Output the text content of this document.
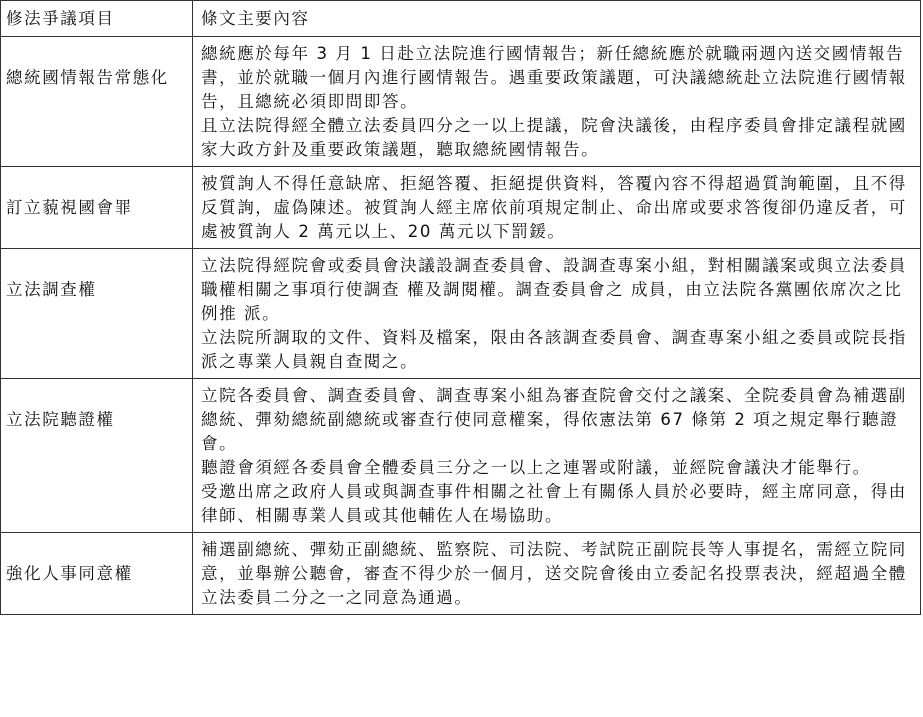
修法爭議項目	條文主要內容
總統國情報告常態化	總統應於每年 3 月 1 日赴立法院進行國情報告；新任總統應於就職兩週內送交國情報告書，並於就職一個月內進行國情報告。遇重要政策議題，可決議總統赴立法院進行國情報告，且總統必須即問即答。
且立法院得經全體立法委員四分之一以上提議，院會決議後，由程序委員會排定議程就國家大政方針及重要政策議題，聽取總統國情報告。

訂立藐視國會罪	被質詢人不得任意缺席、拒絕答覆、拒絕提供資料，答覆內容不得超過質詢範圍，且不得反質詢，虛偽陳述。被質詢人經主席依前項規定制止、命出席或要求答復卻仍違反者，可處被質詢人 2 萬元以上、20 萬元以下罰鍰。

立法調查權	立法院得經院會或委員會決議設調查委員會、設調查專案小組，對相關議案或與立法委員職權相關之事項行使調查 權及調閱權。調查委員會之 成員，由立法院各黨團依席次之比例推 派。
立法院所調取的文件、資料及檔案，限由各該調查委員會、調查專案小組之委員或院長指派之專業人員親自查閱之。

立法院聽證權	立院各委員會、調查委員會、調查專案小組為審查院會交付之議案、全院委員會為補選副總統、彈劾總統副總統或審查行使同意權案，得依憲法第 67 條第 2 項之規定舉行聽證會。
聽證會須經各委員會全體委員三分之一以上之連署或附議，並經院會議決才能舉行。
受邀出席之政府人員或與調查事件相關之社會上有關係人員於必要時，經主席同意，得由律師、相關專業人員或其他輔佐人在場協助。

強化人事同意權	補選副總統、彈劾正副總統、監察院、司法院、考試院正副院長等人事提名，需經立院同意，並舉辦公聽會，審查不得少於一個月，送交院會後由立委記名投票表決，經超過全體立法委員二分之一之同意為通過。
